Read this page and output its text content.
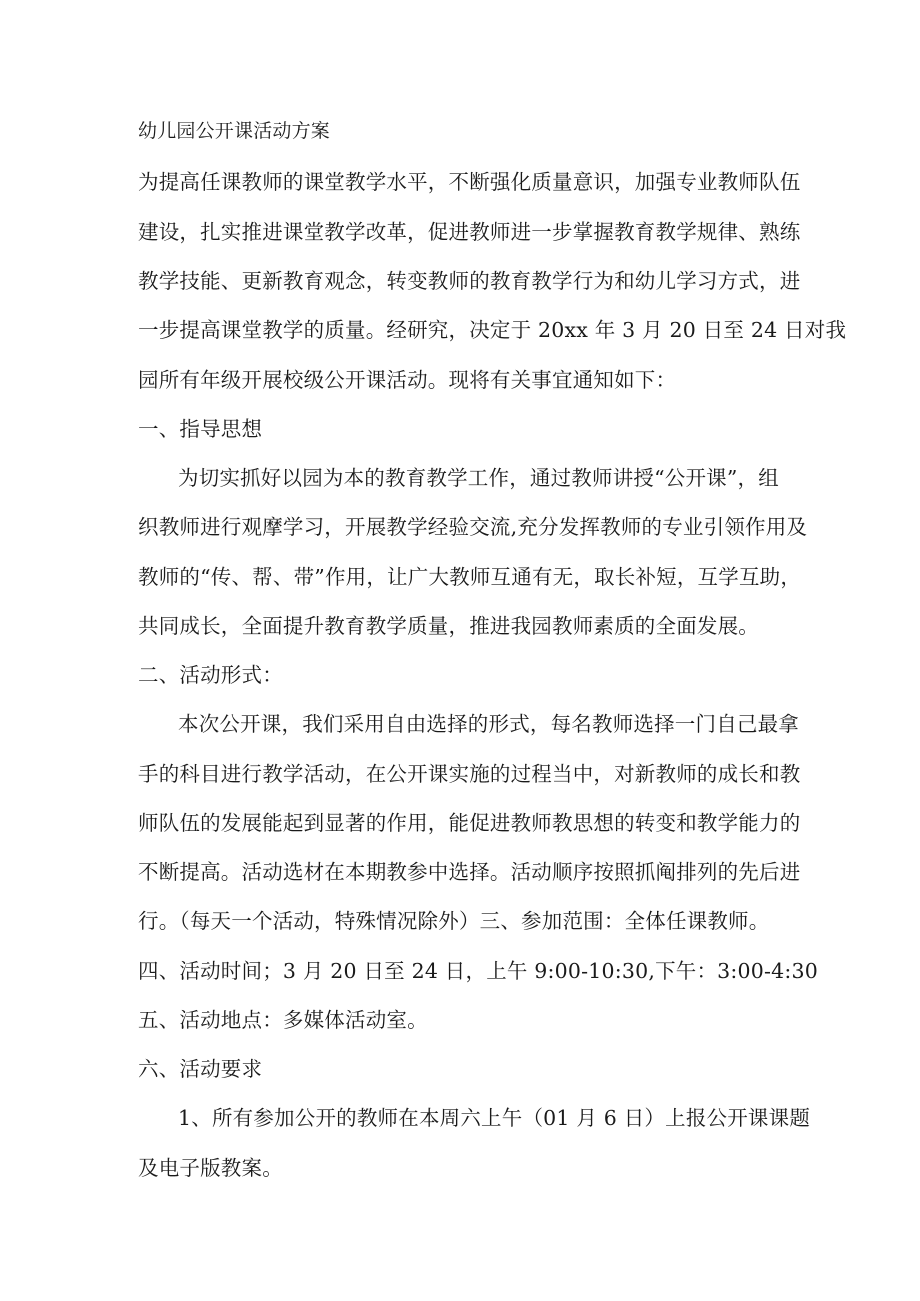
幼儿园公开课活动方案
为提高任课教师的课堂教学水平，不断强化质量意识，加强专业教师队伍
建设，扎实推进课堂教学改革，促进教师进一步掌握教育教学规律、熟练
教学技能、更新教育观念，转变教师的教育教学行为和幼儿学习方式，进
一步提高课堂教学的质量。经研究，决定于 20xx 年 3 月 20 日至 24 日对我
园所有年级开展校级公开课活动。现将有关事宜通知如下：
一、指导思想
为切实抓好以园为本的教育教学工作，通过教师讲授“公开课”，组
织教师进行观摩学习，开展教学经验交流,充分发挥教师的专业引领作用及
教师的“传、帮、带”作用，让广大教师互通有无，取长补短，互学互助，
共同成长，全面提升教育教学质量，推进我园教师素质的全面发展。
二、活动形式：
本次公开课，我们采用自由选择的形式，每名教师选择一门自己最拿
手的科目进行教学活动，在公开课实施的过程当中，对新教师的成长和教
师队伍的发展能起到显著的作用，能促进教师教思想的转变和教学能力的
不断提高。活动选材在本期教参中选择。活动顺序按照抓阄排列的先后进
行。（每天一个活动，特殊情况除外）三、参加范围：全体任课教师。
四、活动时间；3 月 20 日至 24 日，上午 9:00-10:30,下午：3:00-4:30
五、活动地点：多媒体活动室。
六、活动要求
1、所有参加公开的教师在本周六上午（01 月 6 日）上报公开课课题
及电子版教案。
